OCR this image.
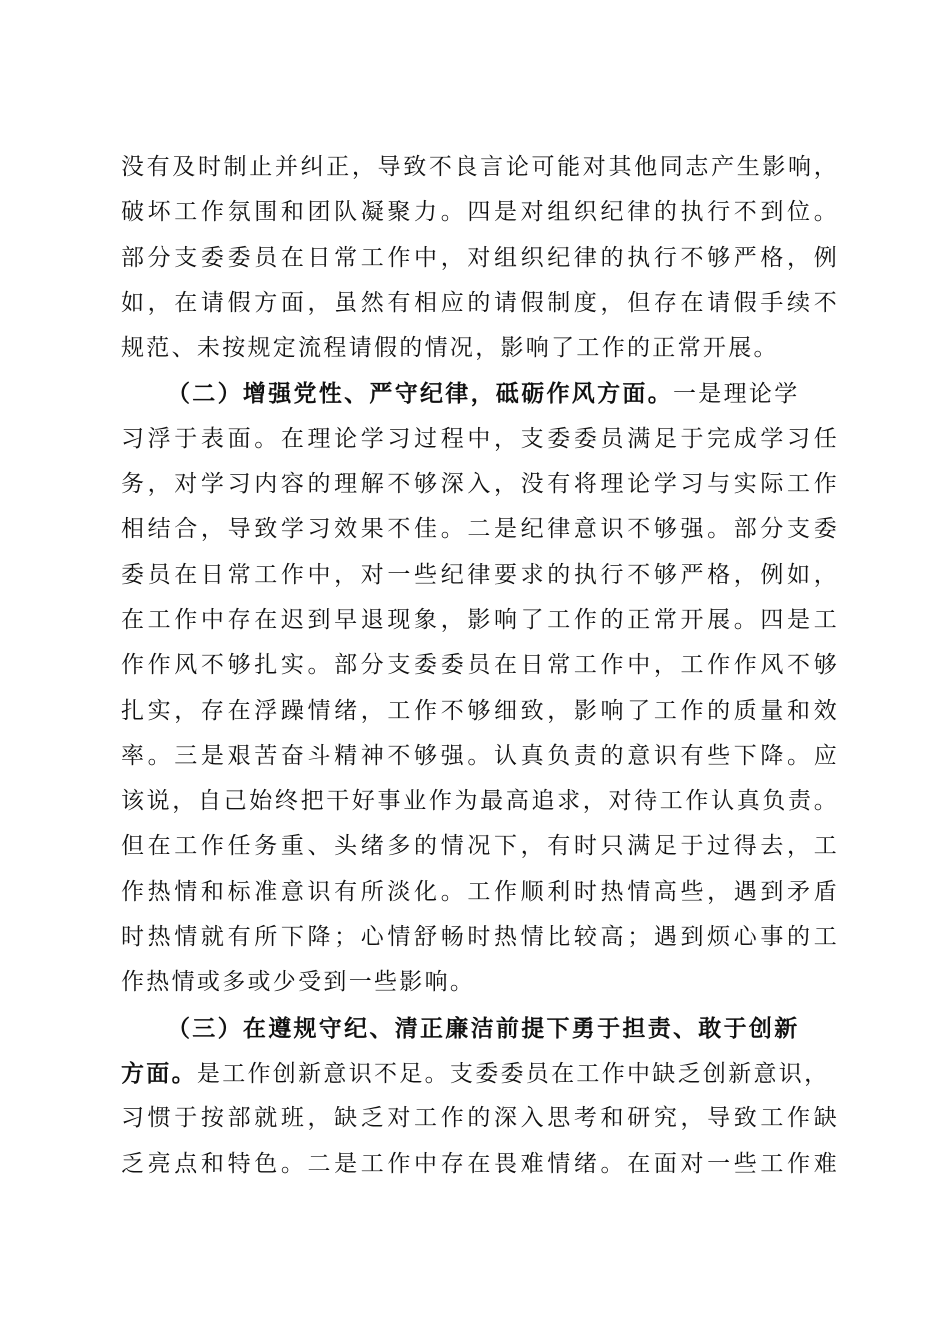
没有及时制止并纠正，导致不良言论可能对其他同志产生影响，
破坏工作氛围和团队凝聚力。四是对组织纪律的执行不到位。
部分支委委员在日常工作中，对组织纪律的执行不够严格，例
如，在请假方面，虽然有相应的请假制度，但存在请假手续不
规范、未按规定流程请假的情况，影响了工作的正常开展。
（二）增强党性、严守纪律，砥砺作风方面。一是理论学
习浮于表面。在理论学习过程中，支委委员满足于完成学习任
务，对学习内容的理解不够深入，没有将理论学习与实际工作
相结合，导致学习效果不佳。二是纪律意识不够强。部分支委
委员在日常工作中，对一些纪律要求的执行不够严格，例如，
在工作中存在迟到早退现象，影响了工作的正常开展。四是工
作作风不够扎实。部分支委委员在日常工作中，工作作风不够
扎实，存在浮躁情绪，工作不够细致，影响了工作的质量和效
率。三是艰苦奋斗精神不够强。认真负责的意识有些下降。应
该说，自己始终把干好事业作为最高追求，对待工作认真负责。
但在工作任务重、头绪多的情况下，有时只满足于过得去，工
作热情和标准意识有所淡化。工作顺利时热情高些，遇到矛盾
时热情就有所下降；心情舒畅时热情比较高；遇到烦心事的工
作热情或多或少受到一些影响。
（三）在遵规守纪、清正廉洁前提下勇于担责、敢于创新
方面。是工作创新意识不足。支委委员在工作中缺乏创新意识，
习惯于按部就班，缺乏对工作的深入思考和研究，导致工作缺
乏亮点和特色。二是工作中存在畏难情绪。在面对一些工作难
